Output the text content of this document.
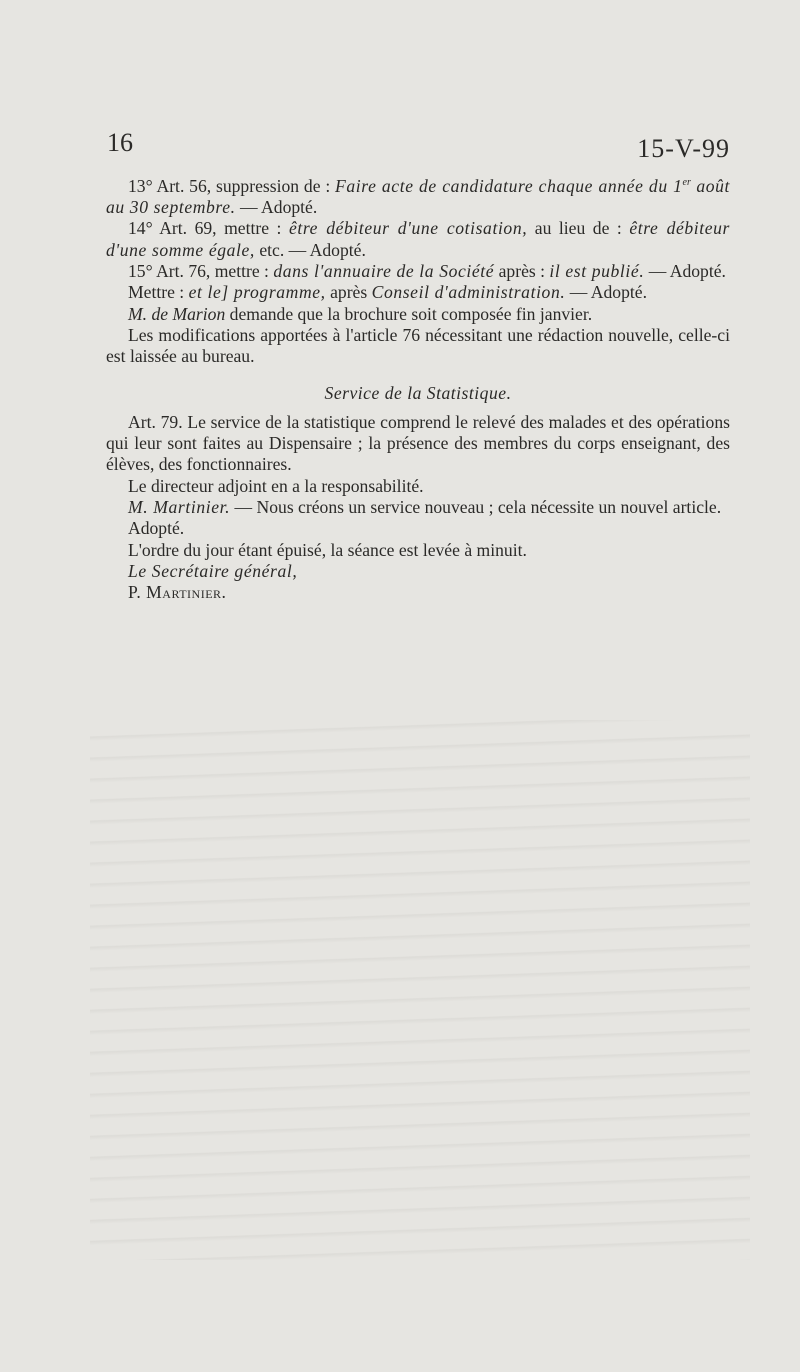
16	15-V-99

13° Art. 56, suppression de : Faire acte de candidature chaque année du 1er août au 30 septembre. — Adopté.

14° Art. 69, mettre : être débiteur d'une cotisation, au lieu de : être débiteur d'une somme égale, etc. — Adopté.

15° Art. 76, mettre : dans l'annuaire de la Société après : il est publié. — Adopté.

Mettre : et le] programme, après Conseil d'administration. — Adopté.

M. de Marion demande que la brochure soit composée fin janvier.

Les modifications apportées à l'article 76 nécessitant une rédaction nouvelle, celle-ci est laissée au bureau.

Service de la Statistique.

Art. 79. Le service de la statistique comprend le relevé des malades et des opérations qui leur sont faites au Dispensaire ; la présence des membres du corps enseignant, des élèves, des fonctionnaires.

Le directeur adjoint en a la responsabilité.

M. Martinier. — Nous créons un service nouveau ; cela nécessite un nouvel article.

Adopté.

L'ordre du jour étant épuisé, la séance est levée à minuit.

Le Secrétaire général,

P. Martinier.
